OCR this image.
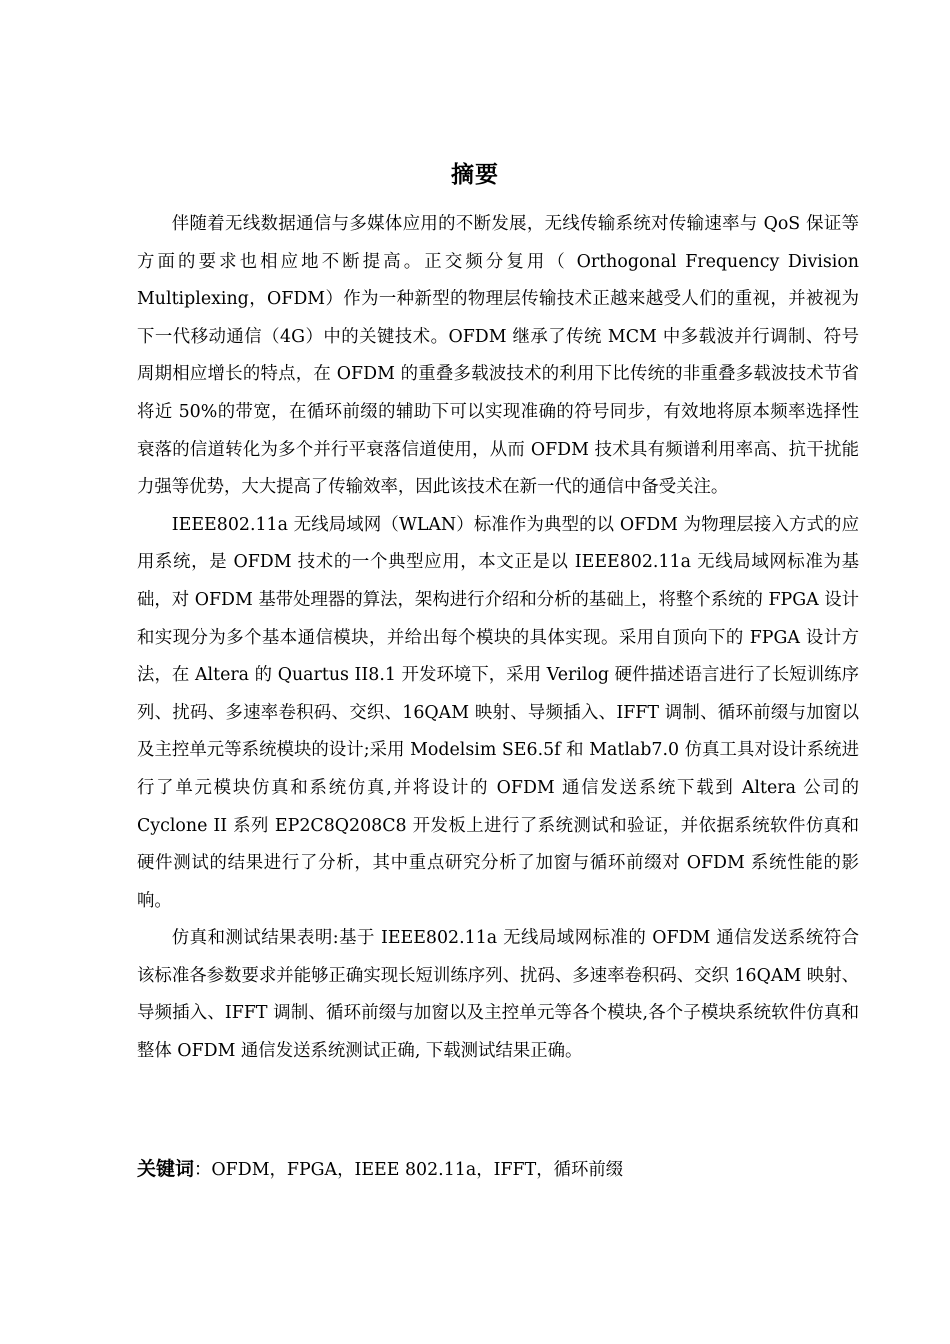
摘要

伴随着无线数据通信与多媒体应用的不断发展，无线传输系统对传输速率与 QoS 保证等方面的要求也相应地不断提高。正交频分复用（ Orthogonal Frequency Division Multiplexing，OFDM）作为一种新型的物理层传输技术正越来越受人们的重视，并被视为下一代移动通信（4G）中的关键技术。OFDM 继承了传统 MCM 中多载波并行调制、符号周期相应增长的特点，在 OFDM 的重叠多载波技术的利用下比传统的非重叠多载波技术节省将近 50%的带宽，在循环前缀的辅助下可以实现准确的符号同步，有效地将原本频率选择性衰落的信道转化为多个并行平衰落信道使用，从而 OFDM 技术具有频谱利用率高、抗干扰能力强等优势，大大提高了传输效率，因此该技术在新一代的通信中备受关注。

IEEE802.11a 无线局域网（WLAN）标准作为典型的以 OFDM 为物理层接入方式的应用系统，是 OFDM 技术的一个典型应用，本文正是以 IEEE802.11a 无线局域网标准为基础，对 OFDM 基带处理器的算法，架构进行介绍和分析的基础上，将整个系统的 FPGA 设计和实现分为多个基本通信模块，并给出每个模块的具体实现。采用自顶向下的 FPGA 设计方法，在 Altera 的 Quartus II8.1 开发环境下，采用 Verilog 硬件描述语言进行了长短训练序列、扰码、多速率卷积码、交织、16QAM 映射、导频插入、IFFT 调制、循环前缀与加窗以及主控单元等系统模块的设计;采用 Modelsim SE6.5f 和 Matlab7.0 仿真工具对设计系统进行了单元模块仿真和系统仿真,并将设计的 OFDM 通信发送系统下载到 Altera 公司的 Cyclone II 系列 EP2C8Q208C8 开发板上进行了系统测试和验证，并依据系统软件仿真和硬件测试的结果进行了分析，其中重点研究分析了加窗与循环前缀对 OFDM 系统性能的影响。

仿真和测试结果表明:基于 IEEE802.11a 无线局域网标准的 OFDM 通信发送系统符合该标准各参数要求并能够正确实现长短训练序列、扰码、多速率卷积码、交织 16QAM 映射、导频插入、IFFT 调制、循环前缀与加窗以及主控单元等各个模块,各个子模块系统软件仿真和整体 OFDM 通信发送系统测试正确, 下载测试结果正确。

关键词：OFDM，FPGA，IEEE 802.11a，IFFT，循环前缀
